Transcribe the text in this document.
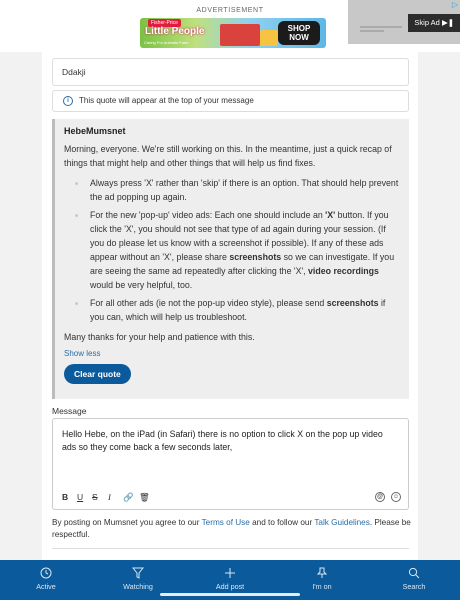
ADVERTISEMENT
Fisher-Price
Little People
Caring For Animals Farm
SHOP
NOW
Skip Ad ▶❚
▷
Ddakji
i	This quote will appear at the top of your message
HebeMumsnet

Morning, everyone. We're still working on this. In the meantime, just a quick recap of things that might help and other things that will help us find fixes.

Always press 'X' rather than 'skip' if there is an option. That should help prevent the ad popping up again.
For the new 'pop-up' video ads: Each one should include an 'X' button. If you click the 'X', you should not see that type of ad again during your session. (If you do please let us know with a screenshot if possible). If any of these ads appear without an 'X', please share screenshots so we can investigate. If you are seeing the same ad repeatedly after clicking the 'X', video recordings would be very helpful, too.
For all other ads (ie not the pop-up video style), please send screenshots if you can, which will help us troubleshoot.

Many thanks for your help and patience with this.

Show less
Clear quote
Message
Hello Hebe, on the iPad (in Safari) there is no option to click X on the pop up video ads so they come back a few seconds later,
B U S I 🔗 🗑	@	☺
By posting on Mumsnet you agree to our Terms of Use and to follow our Talk Guidelines. Please be respectful.
Active	Watching	Add post	I'm on	Search
